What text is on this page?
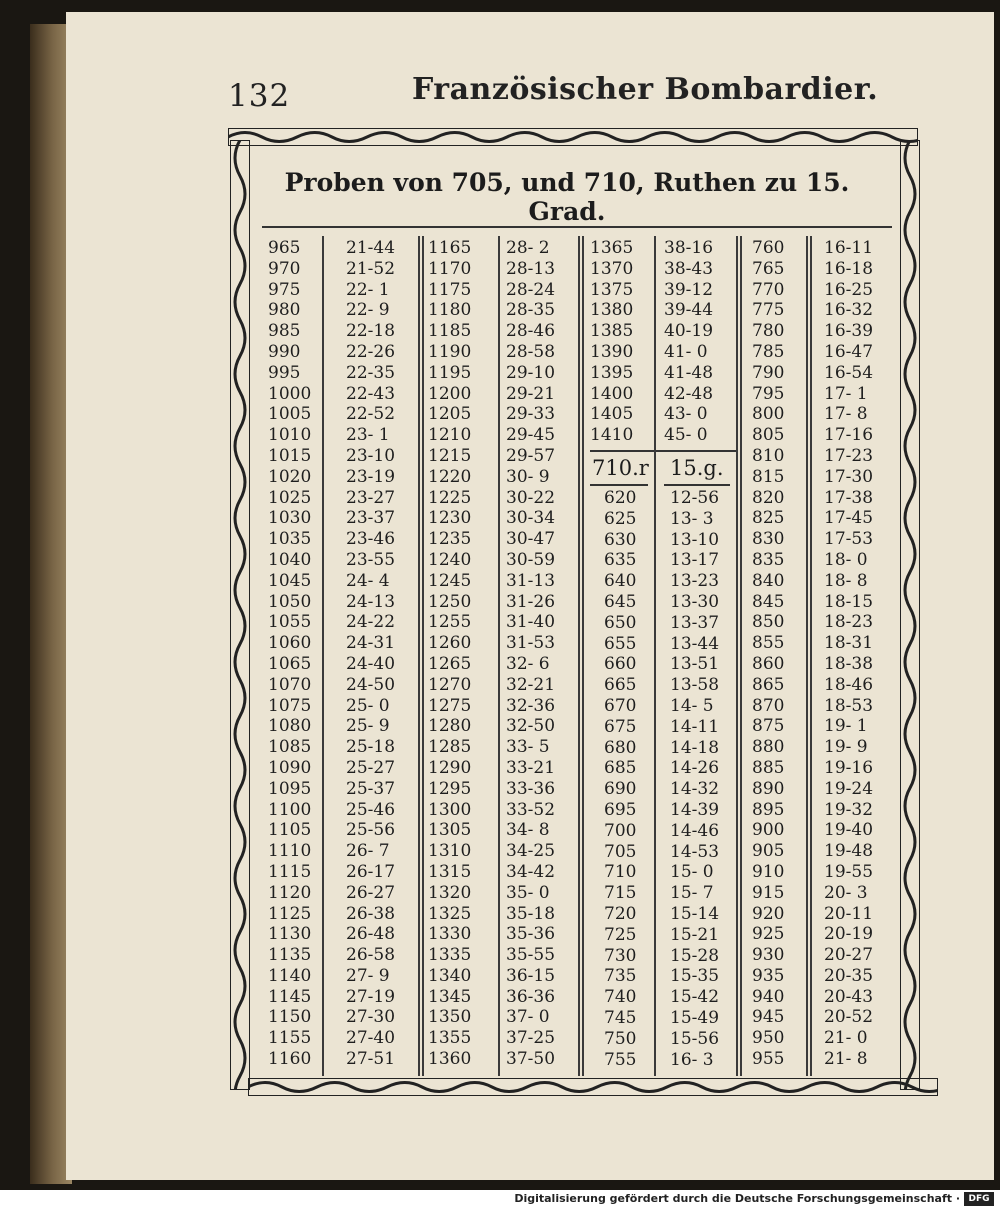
132	Französischer Bombardier.
Proben von 705, und 710, Ruthen zu 15. Grad.
965
970
975
980
985
990
995
1000
1005
1010
1015
1020
1025
1030
1035
1040
1045
1050
1055
1060
1065
1070
1075
1080
1085
1090
1095
1100
1105
1110
1115
1120
1125
1130
1135
1140
1145
1150
1155
1160
21-44
21-52
22- 1
22- 9
22-18
22-26
22-35
22-43
22-52
23- 1
23-10
23-19
23-27
23-37
23-46
23-55
24- 4
24-13
24-22
24-31
24-40
24-50
25- 0
25- 9
25-18
25-27
25-37
25-46
25-56
26- 7
26-17
26-27
26-38
26-48
26-58
27- 9
27-19
27-30
27-40
27-51
1165
1170
1175
1180
1185
1190
1195
1200
1205
1210
1215
1220
1225
1230
1235
1240
1245
1250
1255
1260
1265
1270
1275
1280
1285
1290
1295
1300
1305
1310
1315
1320
1325
1330
1335
1340
1345
1350
1355
1360
28- 2
28-13
28-24
28-35
28-46
28-58
29-10
29-21
29-33
29-45
29-57
30- 9
30-22
30-34
30-47
30-59
31-13
31-26
31-40
31-53
32- 6
32-21
32-36
32-50
33- 5
33-21
33-36
33-52
34- 8
34-25
34-42
35- 0
35-18
35-36
35-55
36-15
36-36
37- 0
37-25
37-50
1365
1370
1375
1380
1385
1390
1395
1400
1405
1410
38-16
38-43
39-12
39-44
40-19
41- 0
41-48
42-48
43- 0
45- 0
620
625
630
635
640
645
650
655
660
665
670
675
680
685
690
695
700
705
710
715
720
725
730
735
740
745
750
755
12-56
13- 3
13-10
13-17
13-23
13-30
13-37
13-44
13-51
13-58
14- 5
14-11
14-18
14-26
14-32
14-39
14-46
14-53
15- 0
15- 7
15-14
15-21
15-28
15-35
15-42
15-49
15-56
16- 3
760
765
770
775
780
785
790
795
800
805
810
815
820
825
830
835
840
845
850
855
860
865
870
875
880
885
890
895
900
905
910
915
920
925
930
935
940
945
950
955
16-11
16-18
16-25
16-32
16-39
16-47
16-54
17- 1
17- 8
17-16
17-23
17-30
17-38
17-45
17-53
18- 0
18- 8
18-15
18-23
18-31
18-38
18-46
18-53
19- 1
19- 9
19-16
19-24
19-32
19-40
19-48
19-55
20- 3
20-11
20-19
20-27
20-35
20-43
20-52
21- 0
21- 8
710.r 15.g.
Digitalisierung gefördert durch die Deutsche Forschungsgemeinschaft · DFG
